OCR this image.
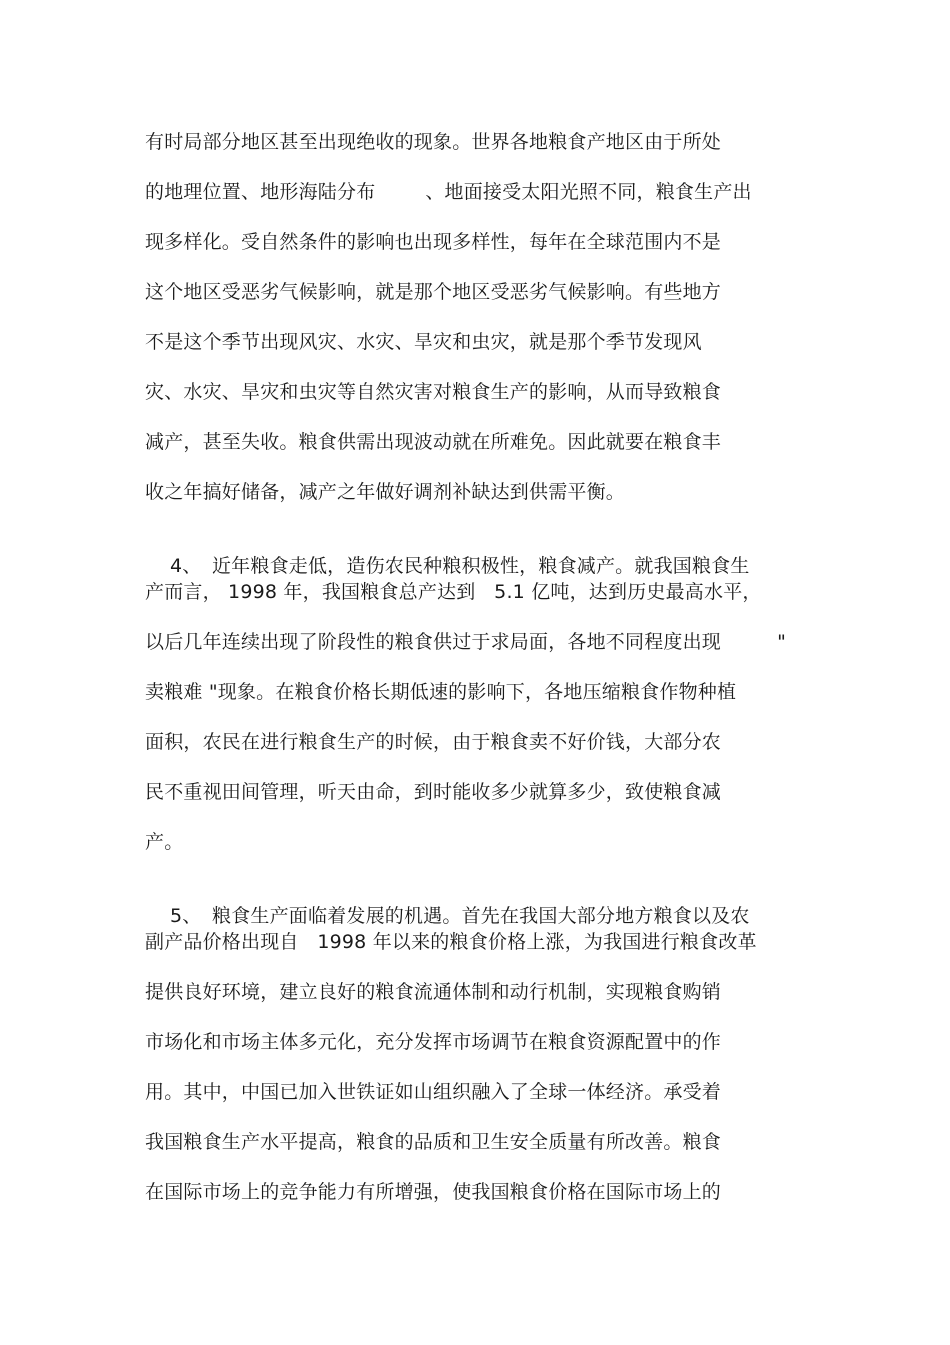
有时局部分地区甚至出现绝收的现象。世界各地粮食产地区由于所处
的地理位置、地形海陆分布        、地面接受太阳光照不同，粮食生产出
现多样化。受自然条件的影响也出现多样性，每年在全球范围内不是
这个地区受恶劣气候影响，就是那个地区受恶劣气候影响。有些地方
不是这个季节出现风灾、水灾、旱灾和虫灾，就是那个季节发现风
灾、水灾、旱灾和虫灾等自然灾害对粮食生产的影响，从而导致粮食
减产，甚至失收。粮食供需出现波动就在所难免。因此就要在粮食丰
收之年搞好储备，减产之年做好调剂补缺达到供需平衡。

4、 近年粮食走低，造伤农民种粮积极性，粮食减产。就我国粮食生

产而言， 1998 年，我国粮食总产达到   5.1 亿吨，达到历史最高水平，
以后几年连续出现了阶段性的粮食供过于求局面，各地不同程度出现         "
卖粮难 "现象。在粮食价格长期低速的影响下，各地压缩粮食作物种植
面积，农民在进行粮食生产的时候，由于粮食卖不好价钱，大部分农
民不重视田间管理，听天由命，到时能收多少就算多少，致使粮食减
产。

5、 粮食生产面临着发展的机遇。首先在我国大部分地方粮食以及农

副产品价格出现自   1998 年以来的粮食价格上涨，为我国进行粮食改革
提供良好环境，建立良好的粮食流通体制和动行机制，实现粮食购销
市场化和市场主体多元化，充分发挥市场调节在粮食资源配置中的作
用。其中，中国已加入世铁证如山组织融入了全球一体经济。承受着
我国粮食生产水平提高，粮食的品质和卫生安全质量有所改善。粮食
在国际市场上的竞争能力有所增强，使我国粮食价格在国际市场上的
